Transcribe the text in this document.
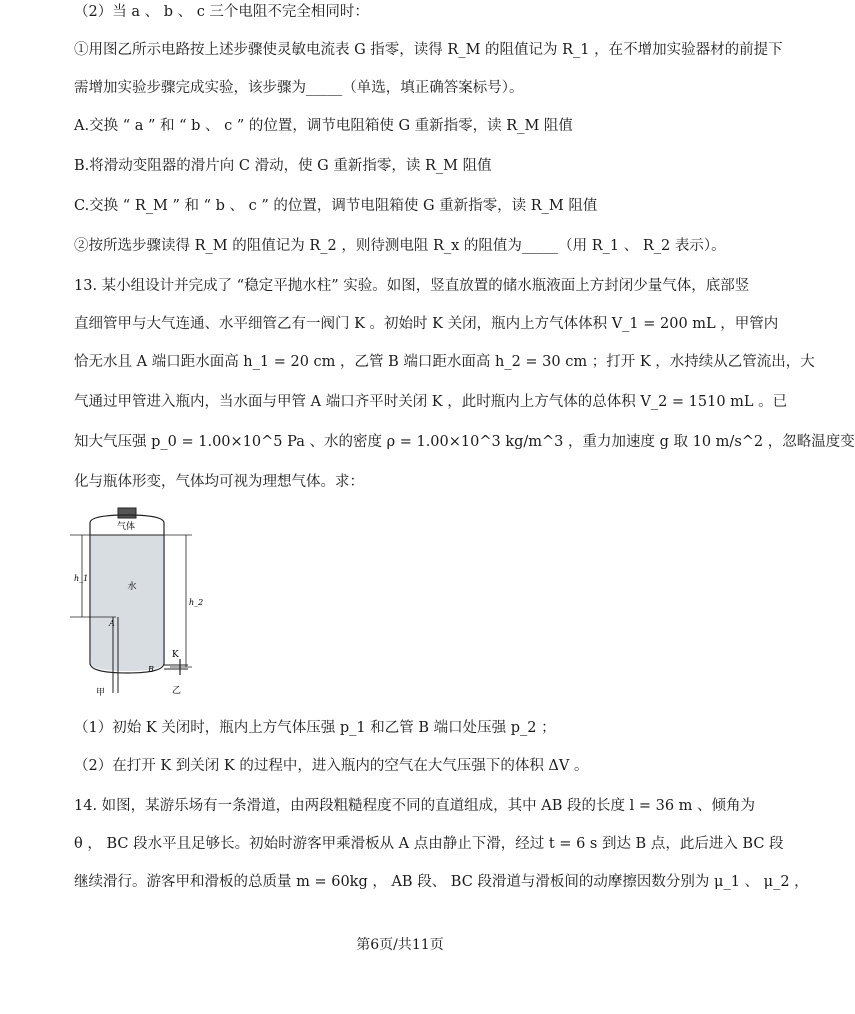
（2）当 a 、 b 、 c 三个电阻不完全相同时：
①用图乙所示电路按上述步骤使灵敏电流表 G 指零，读得 R_M 的阻值记为 R_1 ，在不增加实验器材的前提下
需增加实验步骤完成实验，该步骤为_____（单选，填正确答案标号）。
A.交换 “ a ” 和 “ b 、 c ” 的位置，调节电阻箱使 G 重新指零，读 R_M 阻值
B.将滑动变阻器的滑片向 C 滑动，使 G 重新指零，读 R_M 阻值
C.交换 “ R_M ” 和 “ b 、 c ” 的位置，调节电阻箱使 G 重新指零，读 R_M 阻值
②按所选步骤读得 R_M 的阻值记为 R_2 ，则待测电阻 R_x 的阻值为_____（用 R_1 、 R_2 表示）。
13. 某小组设计并完成了 “稳定平抛水柱” 实验。如图，竖直放置的储水瓶液面上方封闭少量气体，底部竖
直细管甲与大气连通、水平细管乙有一阀门 K 。初始时 K 关闭，瓶内上方气体体积 V_1 = 200 mL ，甲管内
恰无水且 A 端口距水面高 h_1 = 20 cm ，乙管 B 端口距水面高 h_2 = 30 cm ；打开 K ，水持续从乙管流出，大
气通过甲管进入瓶内，当水面与甲管 A 端口齐平时关闭 K ，此时瓶内上方气体的总体积 V_2 = 1510 mL 。已
知大气压强 p_0 = 1.00×10^5 Pa 、水的密度 ρ = 1.00×10^3 kg/m^3 ，重力加速度 g 取 10 m/s^2 ，忽略温度变
化与瓶体形变，气体均可视为理想气体。求：
气体
水
h_1
h_2
A
B
K
甲	乙
（1）初始 K 关闭时，瓶内上方气体压强 p_1 和乙管 B 端口处压强 p_2 ；
（2）在打开 K 到关闭 K 的过程中，进入瓶内的空气在大气压强下的体积 ΔV 。
14. 如图，某游乐场有一条滑道，由两段粗糙程度不同的直道组成，其中 AB 段的长度 l = 36 m 、倾角为
θ ， BC 段水平且足够长。初始时游客甲乘滑板从 A 点由静止下滑，经过 t = 6 s 到达 B 点，此后进入 BC 段
继续滑行。游客甲和滑板的总质量 m = 60kg ， AB 段、 BC 段滑道与滑板间的动摩擦因数分别为 μ_1 、 μ_2 ，
第6页/共11页
